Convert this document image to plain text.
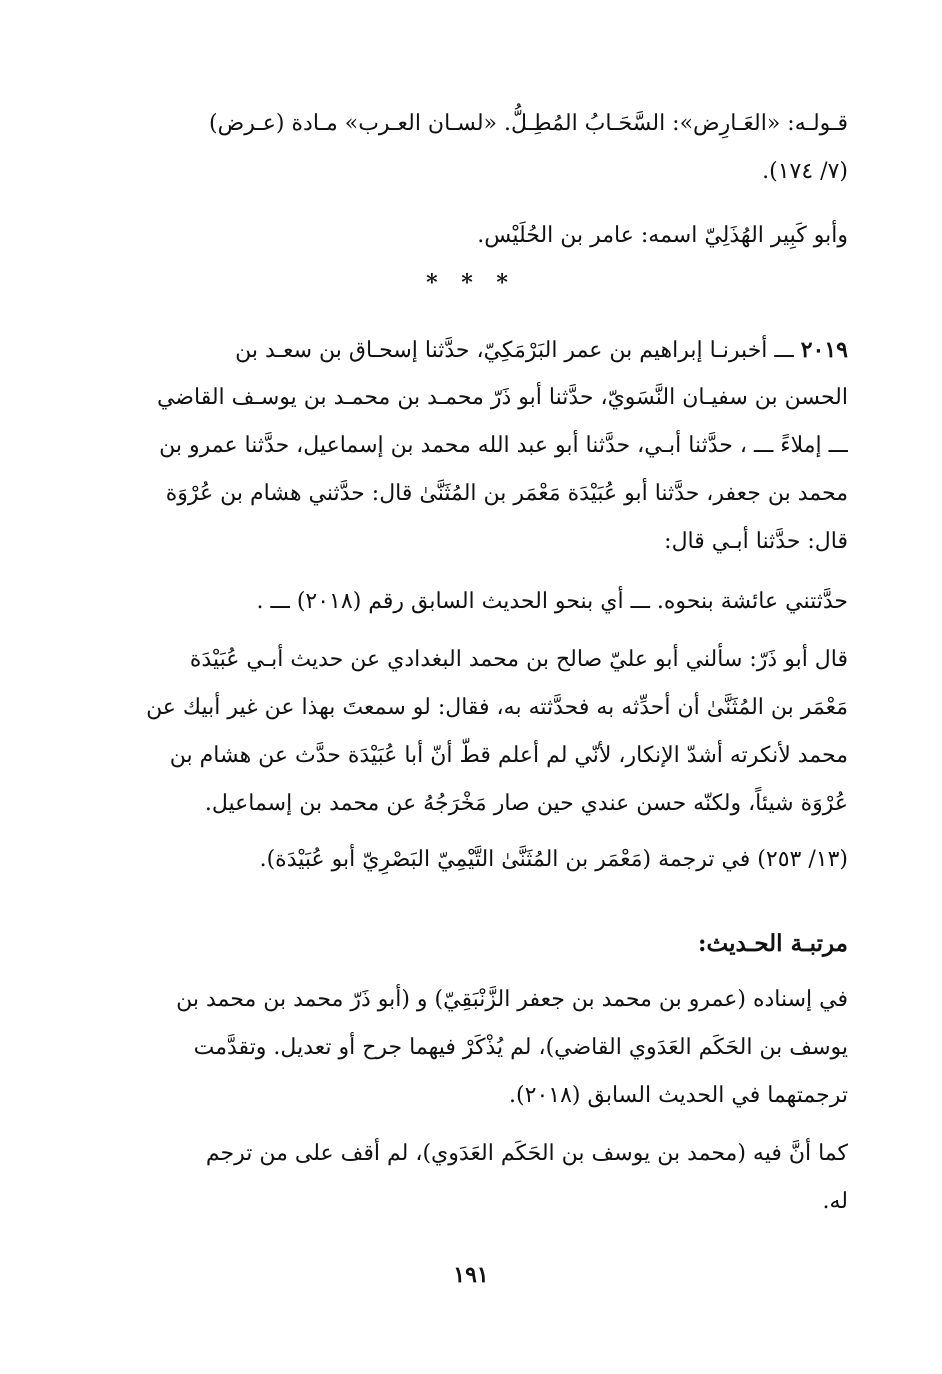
قـولـه: «العَـارِض»: السَّحَـابُ المُطِـلُّ. «لسـان العـرب» مـادة (عـرض)
(٧/ ١٧٤).
وأبو كَبِير الهُذَلِيّ اسمه: عامر بن الحُلَيْس.
* * *
٢٠١٩ ـــ أخبرنـا إبراهيم بن عمر البَرْمَكِيّ، حدَّثنا إسحـاق بن سعـد بن
الحسن بن سفيـان النَّسَويّ، حدَّثنا أبو ذَرّ محمـد بن محمـد بن يوسـف القاضي
ـــ إملاءً ـــ ، حدَّثنا أبـي، حدَّثنا أبو عبد الله محمد بن إسماعيل، حدَّثنا عمرو بن
محمد بن جعفر، حدَّثنا أبو عُبَيْدَة مَعْمَر بن المُثَنَّىٰ قال: حدَّثني هشام بن عُرْوَة
قال: حدَّثنا أبـي قال:
حدَّثتني عائشة بنحوه. ـــ أي بنحو الحديث السابق رقم (٢٠١٨) ـــ .
قال أبو ذَرّ: سألني أبو عليّ صالح بن محمد البغدادي عن حديث أبـي عُبَيْدَة
مَعْمَر بن المُثَنَّىٰ أن أحدِّثه به فحدَّثته به، فقال: لو سمعتَ بهذا عن غير أبيك عن
محمد لأنكرته أشدّ الإنكار، لأنّي لم أعلم قطّ أنّ أبا عُبَيْدَة حدَّث عن هشام بن
عُرْوَة شيئاً، ولكنّه حسن عندي حين صار مَخْرَجُهُ عن محمد بن إسماعيل.
(١٣/ ٢٥٣) في ترجمة (مَعْمَر بن المُثَنَّىٰ التَّيْمِيّ البَصْرِيّ أبو عُبَيْدَة).
مرتبـة الحـديث:
في إسناده (عمرو بن محمد بن جعفر الزَّنْبَقِيّ) و (أبو ذَرّ محمد بن محمد بن
يوسف بن الحَكَم العَدَوي القاضي)، لم يُذْكَرْ فيهما جرح أو تعديل. وتقدَّمت
ترجمتهما في الحديث السابق (٢٠١٨).
كما أنَّ فيه (محمد بن يوسف بن الحَكَم العَدَوي)، لم أقف على من ترجم
له.
١٩١
